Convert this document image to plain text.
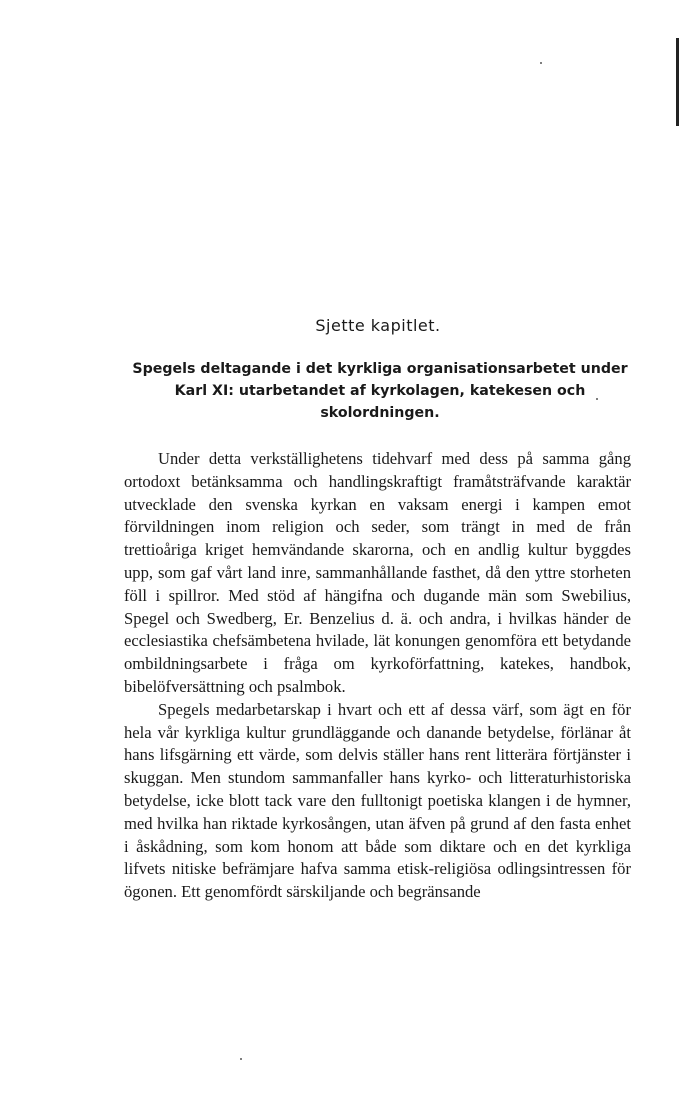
Sjette kapitlet.
Spegels deltagande i det kyrkliga organisationsarbetet under Karl XI: utarbetandet af kyrkolagen, katekesen och skolordningen.

Under detta verkställighetens tidehvarf med dess på samma gång ortodoxt betänksamma och handlingskraftigt framåtsträfvande karaktär utvecklade den svenska kyrkan en vaksam energi i kampen emot förvildningen inom religion och seder, som trängt in med de från trettioåriga kriget hemvändande skarorna, och en andlig kultur byggdes upp, som gaf vårt land inre, sammanhållande fasthet, då den yttre storheten föll i spillror. Med stöd af hängifna och dugande män som Swebilius, Spegel och Swedberg, Er. Benzelius d. ä. och andra, i hvilkas händer de ecclesiastika chefsämbetena hvilade, lät konungen genomföra ett betydande ombildningsarbete i fråga om kyrkoförfattning, katekes, handbok, bibelöfversättning och psalmbok.

Spegels medarbetarskap i hvart och ett af dessa värf, som ägt en för hela vår kyrkliga kultur grundläggande och danande betydelse, förlänar åt hans lifsgärning ett värde, som delvis ställer hans rent litterära förtjänster i skuggan. Men stundom sammanfaller hans kyrko- och litteraturhistoriska betydelse, icke blott tack vare den fulltonigt poetiska klangen i de hymner, med hvilka han riktade kyrkosången, utan äfven på grund af den fasta enhet i åskådning, som kom honom att både som diktare och en det kyrkliga lifvets nitiske befrämjare hafva samma etisk-religiösa odlingsintressen för ögonen. Ett genomfördt särskiljande och begränsande
